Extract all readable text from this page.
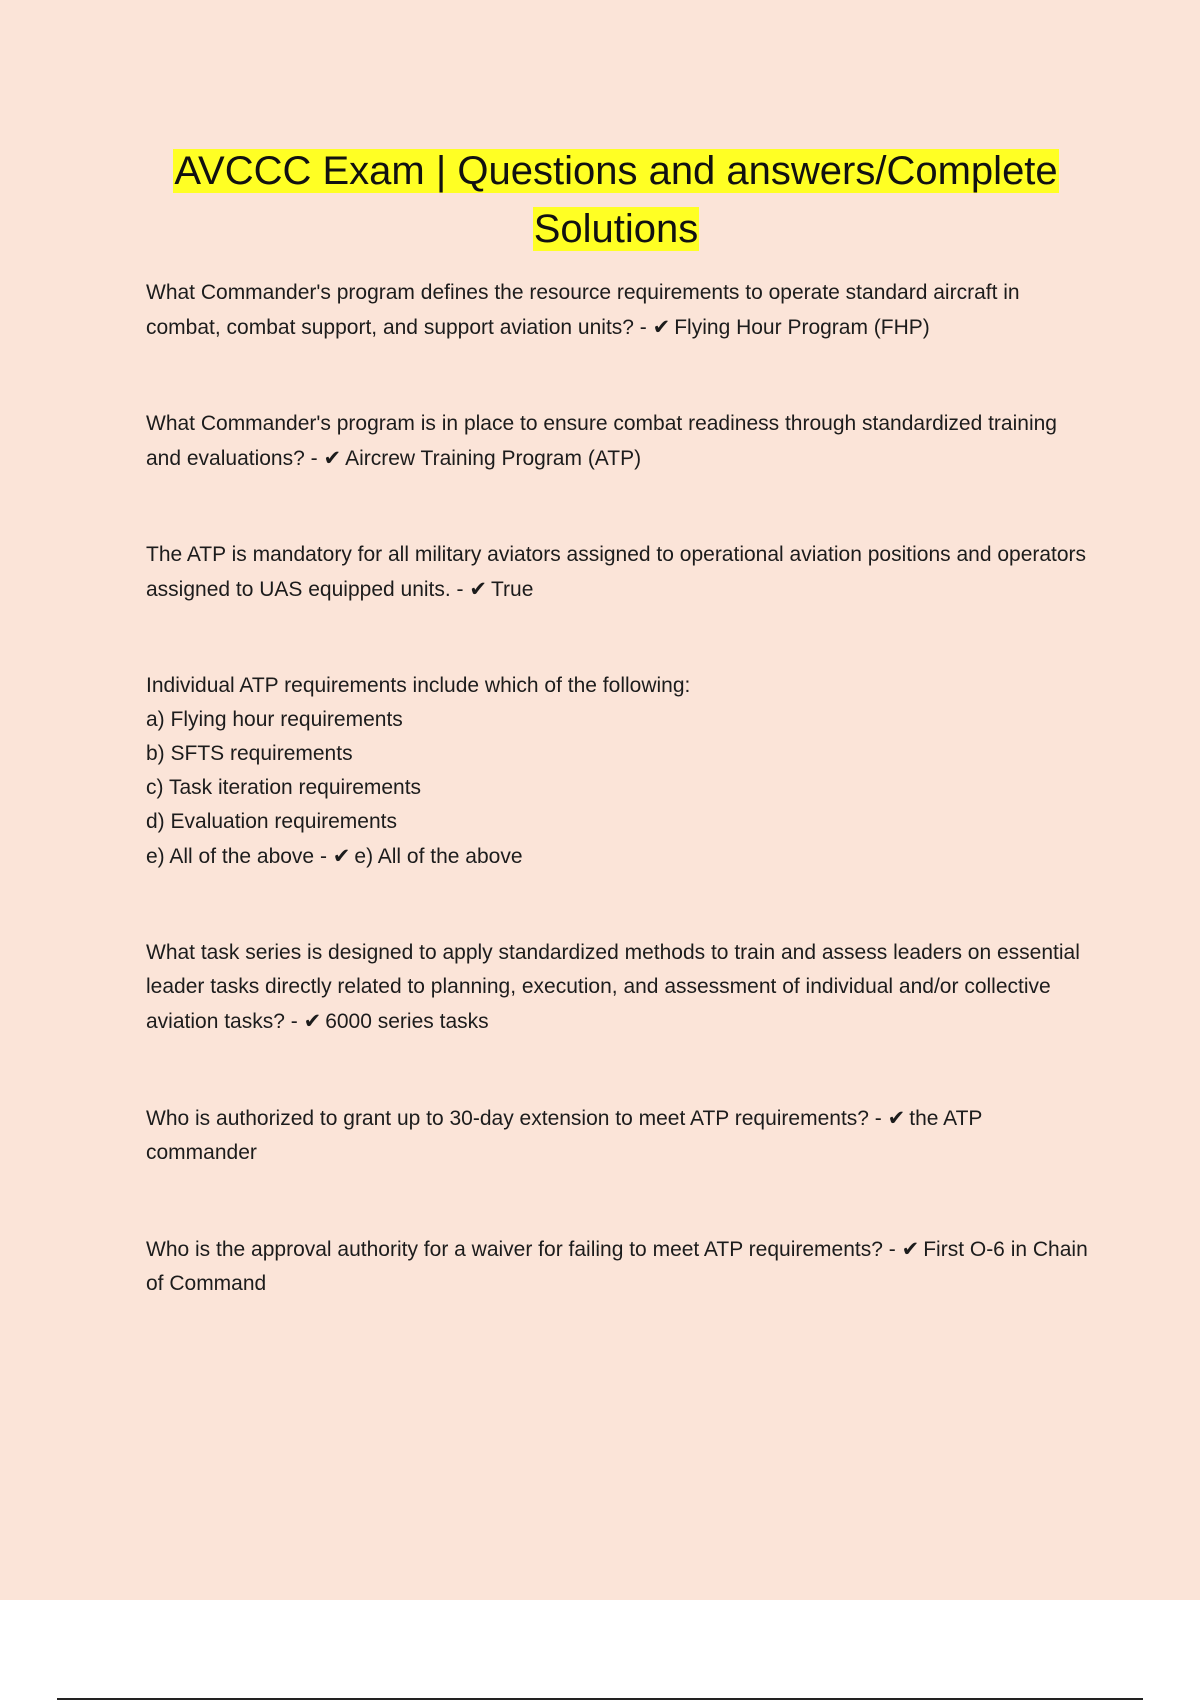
AVCCC Exam | Questions and answers/Complete
Solutions

What Commander's program defines the resource requirements to operate standard aircraft in combat, combat support, and support aviation units? - ✔ Flying Hour Program (FHP)

What Commander's program is in place to ensure combat readiness through standardized training and evaluations? - ✔ Aircrew Training Program (ATP)

The ATP is mandatory for all military aviators assigned to operational aviation positions and operators assigned to UAS equipped units. - ✔ True

Individual ATP requirements include which of the following:

a) Flying hour requirements

b) SFTS requirements

c) Task iteration requirements

d) Evaluation requirements

e) All of the above - ✔ e) All of the above

What task series is designed to apply standardized methods to train and assess leaders on essential leader tasks directly related to planning, execution, and assessment of individual and/or collective aviation tasks? - ✔ 6000 series tasks

Who is authorized to grant up to 30-day extension to meet ATP requirements? - ✔ the ATP commander

Who is the approval authority for a waiver for failing to meet ATP requirements? - ✔ First O-6 in Chain of Command
